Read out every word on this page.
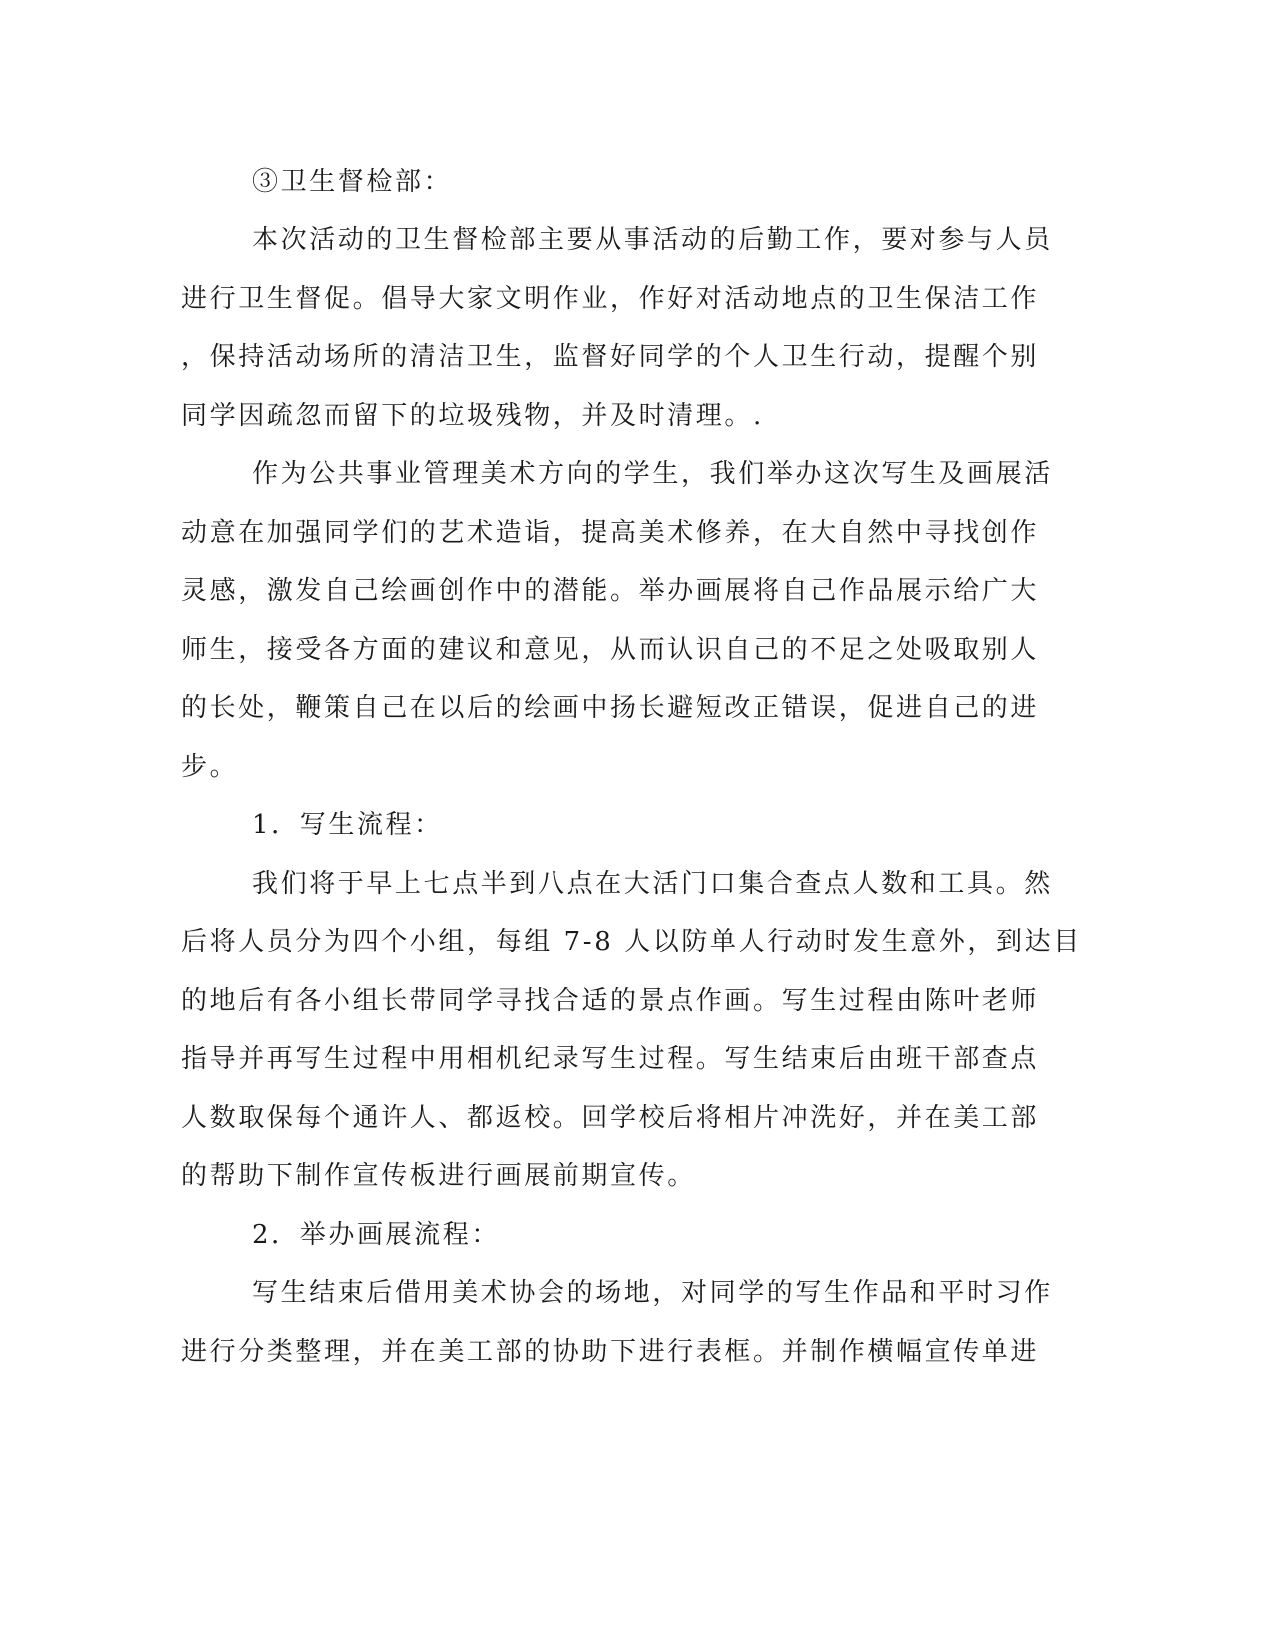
③卫生督检部：
本次活动的卫生督检部主要从事活动的后勤工作，要对参与人员
进行卫生督促。倡导大家文明作业，作好对活动地点的卫生保洁工作
，保持活动场所的清洁卫生，监督好同学的个人卫生行动，提醒个别
同学因疏忽而留下的垃圾残物，并及时清理。.
作为公共事业管理美术方向的学生，我们举办这次写生及画展活
动意在加强同学们的艺术造诣，提高美术修养，在大自然中寻找创作
灵感，激发自己绘画创作中的潜能。举办画展将自己作品展示给广大
师生，接受各方面的建议和意见，从而认识自己的不足之处吸取别人
的长处，鞭策自己在以后的绘画中扬长避短改正错误，促进自己的进
步。
1．写生流程：
我们将于早上七点半到八点在大活门口集合查点人数和工具。然
后将人员分为四个小组，每组 7-8 人以防单人行动时发生意外，到达目
的地后有各小组长带同学寻找合适的景点作画。写生过程由陈叶老师
指导并再写生过程中用相机纪录写生过程。写生结束后由班干部查点
人数取保每个通许人、都返校。回学校后将相片冲洗好，并在美工部
的帮助下制作宣传板进行画展前期宣传。
2．举办画展流程：
写生结束后借用美术协会的场地，对同学的写生作品和平时习作
进行分类整理，并在美工部的协助下进行表框。并制作横幅宣传单进
